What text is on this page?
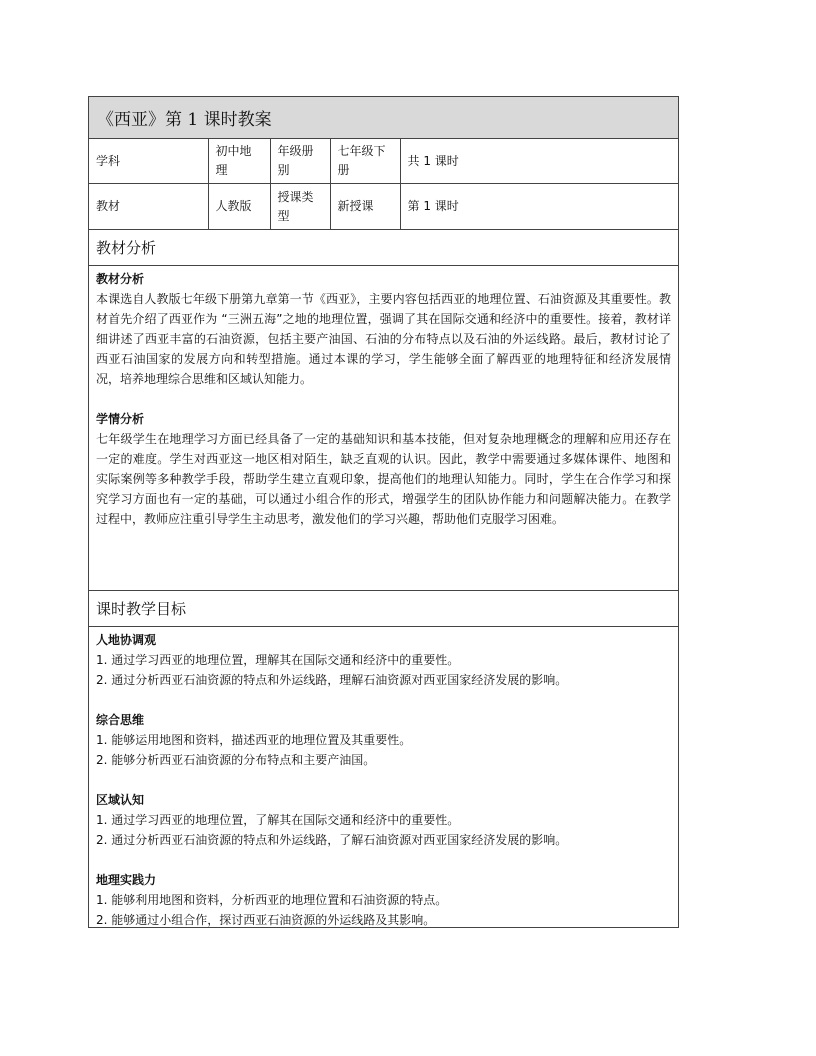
《西亚》第 1 课时教案
学科	初中地理	年级册别	七年级下册	共 1 课时
教材	人教版	授课类型	新授课	第 1 课时
教材分析
教材分析

本课选自人教版七年级下册第九章第一节《西亚》，主要内容包括西亚的地理位置、石油资源及其重要性。教材首先介绍了西亚作为 “三洲五海”之地的地理位置，强调了其在国际交通和经济中的重要性。接着，教材详细讲述了西亚丰富的石油资源，包括主要产油国、石油的分布特点以及石油的外运线路。最后，教材讨论了西亚石油国家的发展方向和转型措施。通过本课的学习，学生能够全面了解西亚的地理特征和经济发展情况，培养地理综合思维和区域认知能力。

学情分析

七年级学生在地理学习方面已经具备了一定的基础知识和基本技能，但对复杂地理概念的理解和应用还存在一定的难度。学生对西亚这一地区相对陌生，缺乏直观的认识。因此，教学中需要通过多媒体课件、地图和实际案例等多种教学手段，帮助学生建立直观印象，提高他们的地理认知能力。同时，学生在合作学习和探究学习方面也有一定的基础，可以通过小组合作的形式，增强学生的团队协作能力和问题解决能力。在教学过程中，教师应注重引导学生主动思考，激发他们的学习兴趣，帮助他们克服学习困难。

课时教学目标
人地协调观

1. 通过学习西亚的地理位置，理解其在国际交通和经济中的重要性。

2. 通过分析西亚石油资源的特点和外运线路，理解石油资源对西亚国家经济发展的影响。

综合思维

1. 能够运用地图和资料，描述西亚的地理位置及其重要性。

2. 能够分析西亚石油资源的分布特点和主要产油国。

区域认知

1. 通过学习西亚的地理位置，了解其在国际交通和经济中的重要性。

2. 通过分析西亚石油资源的特点和外运线路，了解石油资源对西亚国家经济发展的影响。

地理实践力

1. 能够利用地图和资料，分析西亚的地理位置和石油资源的特点。

2. 能够通过小组合作，探讨西亚石油资源的外运线路及其影响。
